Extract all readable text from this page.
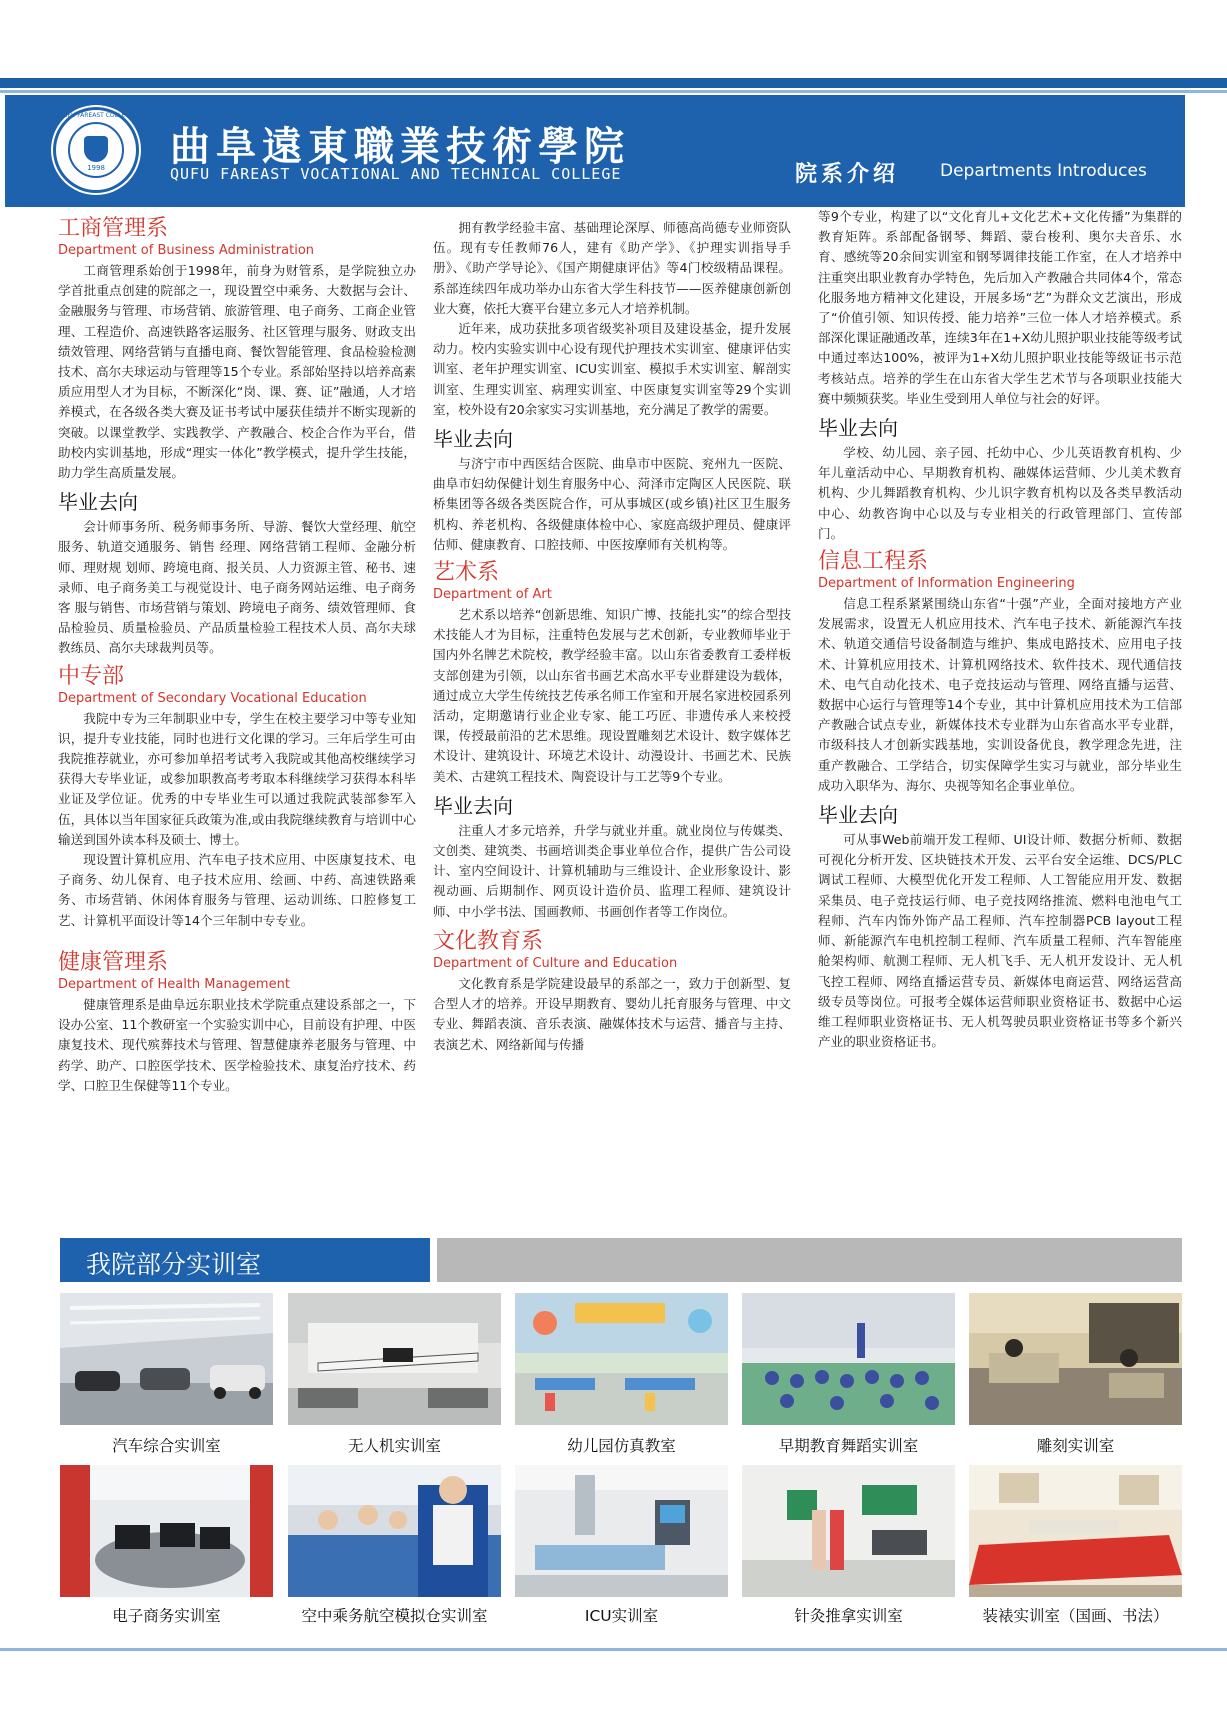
QUFU FAREAST COLLEGE
1998	曲阜遠東職業技術學院
QUFU FAREAST VOCATIONAL AND TECHNICAL COLLEGE	院系介绍 Departments Introduces
工商管理系
Department of Business Administration
工商管理系始创于1998年，前身为财管系，是学院独立办学首批重点创建的院部之一，现设置空中乘务、大数据与会计、金融服务与管理、市场营销、旅游管理、电子商务、工商企业管理、工程造价、高速铁路客运服务、社区管理与服务、财政支出绩效管理、网络营销与直播电商、餐饮智能管理、食品检验检测技术、高尔夫球运动与管理等15个专业。系部始坚持以培养高素质应用型人才为目标，不断深化“岗、课、赛、证”融通，人才培养模式，在各级各类大赛及证书考试中屡获佳绩并不断实现新的突破。以课堂教学、实践教学、产教融合、校企合作为平台，借助校内实训基地，形成“理实一体化”教学模式，提升学生技能，助力学生高质量发展。
毕业去向
会计师事务所、税务师事务所、导游、餐饮大堂经理、航空服务、轨道交通服务、销售 经理、网络营销工程师、金融分析师、理财规 划师、跨境电商、报关员、人力资源主管、秘书、速录师、电子商务美工与视觉设计、电子商务网站运维、电子商务客 服与销售、市场营销与策划、跨境电子商务、绩效管理师、食品检验员、质量检验员、产品质量检验工程技术人员、高尔夫球教练员、高尔夫球裁判员等。
中专部
Department of Secondary Vocational Education
我院中专为三年制职业中专，学生在校主要学习中等专业知识，提升专业技能，同时也进行文化课的学习。三年后学生可由我院推荐就业，亦可参加单招考试考入我院或其他高校继续学习获得大专毕业证，或参加职教高考考取本科继续学习获得本科毕业证及学位证。优秀的中专毕业生可以通过我院武装部参军入伍，具体以当年国家征兵政策为准,或由我院继续教育与培训中心输送到国外读本科及硕士、博士。
现设置计算机应用、汽车电子技术应用、中医康复技术、电子商务、幼儿保育、电子技术应用、绘画、中药、高速铁路乘务、市场营销、休闲体育服务与管理、运动训练、口腔修复工艺、计算机平面设计等14个三年制中专专业。
健康管理系
Department of Health Management
健康管理系是曲阜远东职业技术学院重点建设系部之一，下设办公室、11个教研室一个实验实训中心，目前设有护理、中医康复技术、现代殡葬技术与管理、智慧健康养老服务与管理、中药学、助产、口腔医学技术、医学检验技术、康复治疗技术、药学、口腔卫生保健等11个专业。
拥有教学经验丰富、基础理论深厚、师德高尚德专业师资队伍。现有专任教师76人，建有《助产学》、《护理实训指导手册》、《助产学导论》、《国产期健康评估》等4门校级精品课程。系部连续四年成功举办山东省大学生科技节——医养健康创新创业大赛，依托大赛平台建立多元人才培养机制。
近年来，成功获批多项省级奖补项目及建设基金，提升发展动力。校内实验实训中心设有现代护理技术实训室、健康评估实训室、老年护理实训室、ICU实训室、模拟手术实训室、解剖实训室、生理实训室、病理实训室、中医康复实训室等29个实训室，校外设有20余家实习实训基地，充分满足了教学的需要。
毕业去向
与济宁市中西医结合医院、曲阜市中医院、兖州九一医院、曲阜市妇幼保健计划生育服务中心、菏泽市定陶区人民医院、联桥集团等各级各类医院合作，可从事城区(或乡镇)社区卫生服务机构、养老机构、各级健康体检中心、家庭高级护理员、健康评估师、健康教育、口腔技师、中医按摩师有关机构等。
艺术系
Department of Art
艺术系以培养“创新思维、知识广博、技能扎实”的综合型技术技能人才为目标，注重特色发展与艺术创新，专业教师毕业于国内外名牌艺术院校，教学经验丰富。以山东省委教育工委样板支部创建为引领，以山东省书画艺术高水平专业群建设为载体，通过成立大学生传统技艺传承名师工作室和开展名家进校园系列活动，定期邀请行业企业专家、能工巧匠、非遗传承人来校授课，传授最前沿的艺术思维。现设置雕刻艺术设计、数字媒体艺术设计、建筑设计、环境艺术设计、动漫设计、书画艺术、民族美术、古建筑工程技术、陶瓷设计与工艺等9个专业。
毕业去向
注重人才多元培养，升学与就业并重。就业岗位与传媒类、文创类、建筑类、书画培训类企事业单位合作，提供广告公司设计、室内空间设计、计算机辅助与三维设计、企业形象设计、影视动画、后期制作、网页设计造价员、监理工程师、建筑设计师、中小学书法、国画教师、书画创作者等工作岗位。
文化教育系
Department of Culture and Education
文化教育系是学院建设最早的系部之一，致力于创新型、复合型人才的培养。开设早期教育、婴幼儿托育服务与管理、中文专业、舞蹈表演、音乐表演、融媒体技术与运营、播音与主持、表演艺术、网络新闻与传播
等9个专业，构建了以“文化育儿+文化艺术+文化传播”为集群的教育矩阵。系部配备钢琴、舞蹈、蒙台梭利、奥尔夫音乐、水育、感统等20余间实训室和钢琴调律技能工作室，在人才培养中注重突出职业教育办学特色，先后加入产教融合共同体4个，常态化服务地方精神文化建设，开展多场“艺”为群众文艺演出，形成了“价值引领、知识传授、能力培养”三位一体人才培养模式。系部深化课证融通改革，连续3年在1+X幼儿照护职业技能等级考试中通过率达100%，被评为1+X幼儿照护职业技能等级证书示范考核站点。培养的学生在山东省大学生艺术节与各项职业技能大赛中频频获奖。毕业生受到用人单位与社会的好评。
毕业去向
学校、幼儿园、亲子园、托幼中心、少儿英语教育机构、少年儿童活动中心、早期教育机构、融媒体运营师、少儿美术教育机构、少儿舞蹈教育机构、少儿识字教育机构以及各类早教活动中心、幼教咨询中心以及与专业相关的行政管理部门、宣传部门。
信息工程系
Department of Information Engineering
信息工程系紧紧围绕山东省“十强”产业，全面对接地方产业发展需求，设置无人机应用技术、汽车电子技术、新能源汽车技术、轨道交通信号设备制造与维护、集成电路技术、应用电子技术、计算机应用技术、计算机网络技术、软件技术、现代通信技术、电气自动化技术、电子竞技运动与管理、网络直播与运营、数据中心运行与管理等14个专业，其中计算机应用技术为工信部产教融合试点专业，新媒体技术专业群为山东省高水平专业群，市级科技人才创新实践基地，实训设备优良，教学理念先进，注重产教融合、工学结合，切实保障学生实习与就业，部分毕业生成功入职华为、海尔、央视等知名企事业单位。
毕业去向
可从事Web前端开发工程师、UI设计师、数据分析师、数据可视化分析开发、区块链技术开发、云平台安全运维、DCS/PLC调试工程师、大模型优化开发工程师、人工智能应用开发、数据采集员、电子竞技运行师、电子竞技网络推流、燃料电池电气工程师、汽车内饰外饰产品工程师、汽车控制器PCB layout工程师、新能源汽车电机控制工程师、汽车质量工程师、汽车智能座舱架构师、航测工程师、无人机飞手、无人机开发设计、无人机飞控工程师、网络直播运营专员、新媒体电商运营、网络运营高级专员等岗位。可报考全媒体运营师职业资格证书、数据中心运维工程师职业资格证书、无人机驾驶员职业资格证书等多个新兴产业的职业资格证书。
我院部分实训室
汽车综合实训室	无人机实训室	幼儿园仿真教室	早期教育舞蹈实训室	雕刻实训室
电子商务实训室	空中乘务航空模拟仓实训室	ICU实训室	针灸推拿实训室	装裱实训室（国画、书法）
